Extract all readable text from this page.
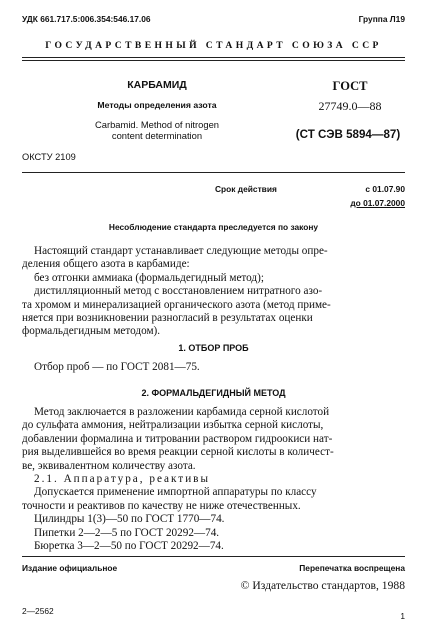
УДК 661.717.5:006.354:546.17.06	Группа Л19
ГОСУДАРСТВЕННЫЙ СТАНДАРТ СОЮЗА ССР
КАРБАМИД
Методы определения азота
Carbamid. Method of nitrogen
content determination
ГОСТ
27749.0—88
(СТ СЭВ 5894—87)
ОКСТУ 2109
Срок действия	с 01.07.90
до 01.07.2000
Несоблюдение стандарта преследуется по закону

Настоящий стандарт устанавливает следующие методы опре-

деления общего азота в карбамиде:

без отгонки аммиака (формальдегидный метод);

дистилляционный метод с восстановлением нитратного азо-

та хромом и минерализацией органического азота (метод приме-

няется при возникновении разногласий в результатах оценки

формальдегидным методом).

1. ОТБОР ПРОБ

Отбор проб — по ГОСТ 2081—75.

2. ФОРМАЛЬДЕГИДНЫЙ МЕТОД

Метод заключается в разложении карбамида серной кислотой

до сульфата аммония, нейтрализации избытка серной кислоты,

добавлении формалина и титровании раствором гидроокиси нат-

рия выделившейся во время реакции серной кислоты в количест-

ве, эквивалентном количеству азота.

2.1. Аппаратура, реактивы

Допускается применение импортной аппаратуры по классу

точности и реактивов по качеству не ниже отечественных.

Цилиндры 1(3)—50 по ГОСТ 1770—74.

Пипетки 2—2—5 по ГОСТ 20292—74.

Бюретка 3—2—50 по ГОСТ 20292—74.

Издание официальное	Перепечатка воспрещена
© Издательство стандартов, 1988
2—2562	1
